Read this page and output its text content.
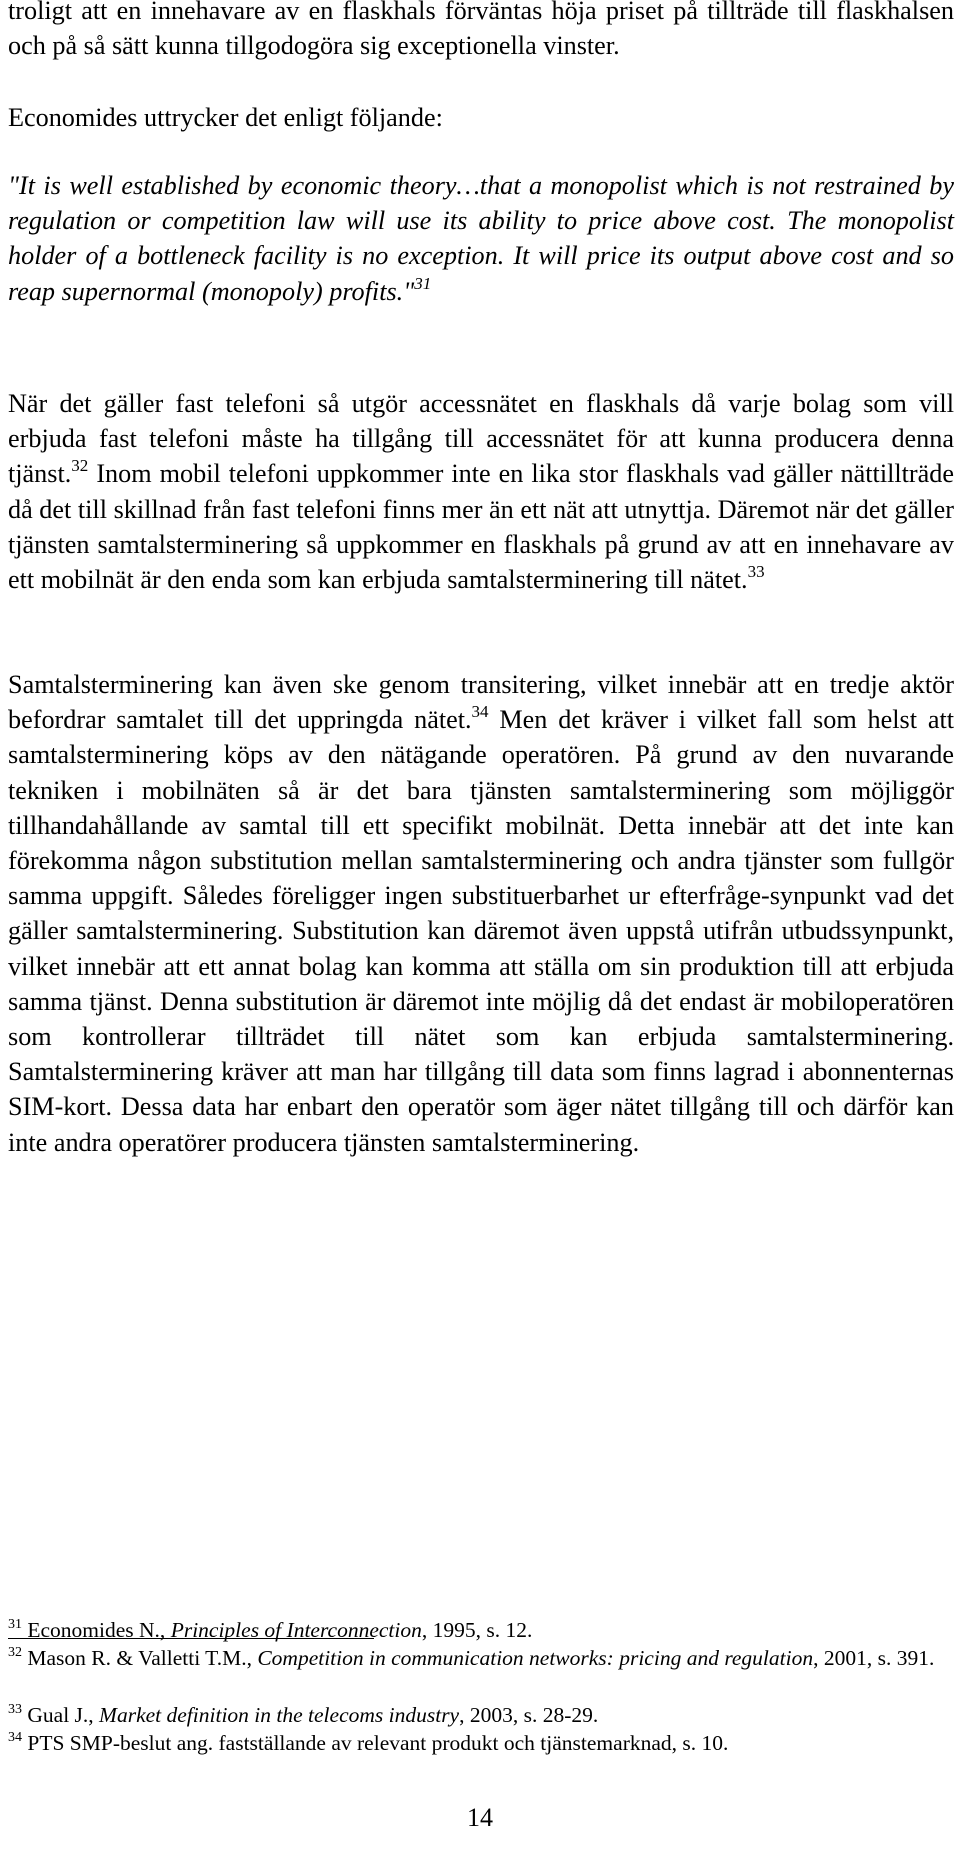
troligt att en innehavare av en flaskhals förväntas höja priset på tillträde till flaskhalsen och på så sätt kunna tillgodogöra sig exceptionella vinster.

Economides uttrycker det enligt följande:

"It is well established by economic theory…that a monopolist which is not restrained by regulation or competition law will use its ability to price above cost. The monopolist holder of a bottleneck facility is no exception. It will price its output above cost and so reap supernormal (monopoly) profits."$^{31}$

När det gäller fast telefoni så utgör accessnätet en flaskhals då varje bolag som vill erbjuda fast telefoni måste ha tillgång till accessnätet för att kunna producera denna tjänst.$^{32}$ Inom mobil telefoni uppkommer inte en lika stor flaskhals vad gäller nättillträde då det till skillnad från fast telefoni finns mer än ett nät att utnyttja. Däremot när det gäller tjänsten samtalsterminering så uppkommer en flaskhals på grund av att en innehavare av ett mobilnät är den enda som kan erbjuda samtalsterminering till nätet.$^{33}$

Samtalsterminering kan även ske genom transitering, vilket innebär att en tredje aktör befordrar samtalet till det uppringda nätet.$^{34}$ Men det kräver i vilket fall som helst att samtalsterminering köps av den nätägande operatören. På grund av den nuvarande tekniken i mobilnäten så är det bara tjänsten samtalsterminering som möjliggör tillhandahållande av samtal till ett specifikt mobilnät. Detta innebär att det inte kan förekomma någon substitution mellan samtalsterminering och andra tjänster som fullgör samma uppgift. Således föreligger ingen substituerbarhet ur efterfråge-synpunkt vad det gäller samtalsterminering. Substitution kan däremot även uppstå utifrån utbudssynpunkt, vilket innebär att ett annat bolag kan komma att ställa om sin produktion till att erbjuda samma tjänst. Denna substitution är däremot inte möjlig då det endast är mobiloperatören som kontrollerar tillträdet till nätet som kan erbjuda samtalsterminering. Samtalsterminering kräver att man har tillgång till data som finns lagrad i abonnenternas SIM-kort. Dessa data har enbart den operatör som äger nätet tillgång till och därför kan inte andra operatörer producera tjänsten samtalsterminering.

$^{31}$ Economides N., Principles of Interconnection, 1995, s. 12.

$^{32}$ Mason R. & Valletti T.M., Competition in communication networks: pricing and regulation, 2001, s. 391.

$^{33}$ Gual J., Market definition in the telecoms industry, 2003, s. 28-29.

$^{34}$ PTS SMP-beslut ang. fastställande av relevant produkt och tjänstemarknad, s. 10.

14
